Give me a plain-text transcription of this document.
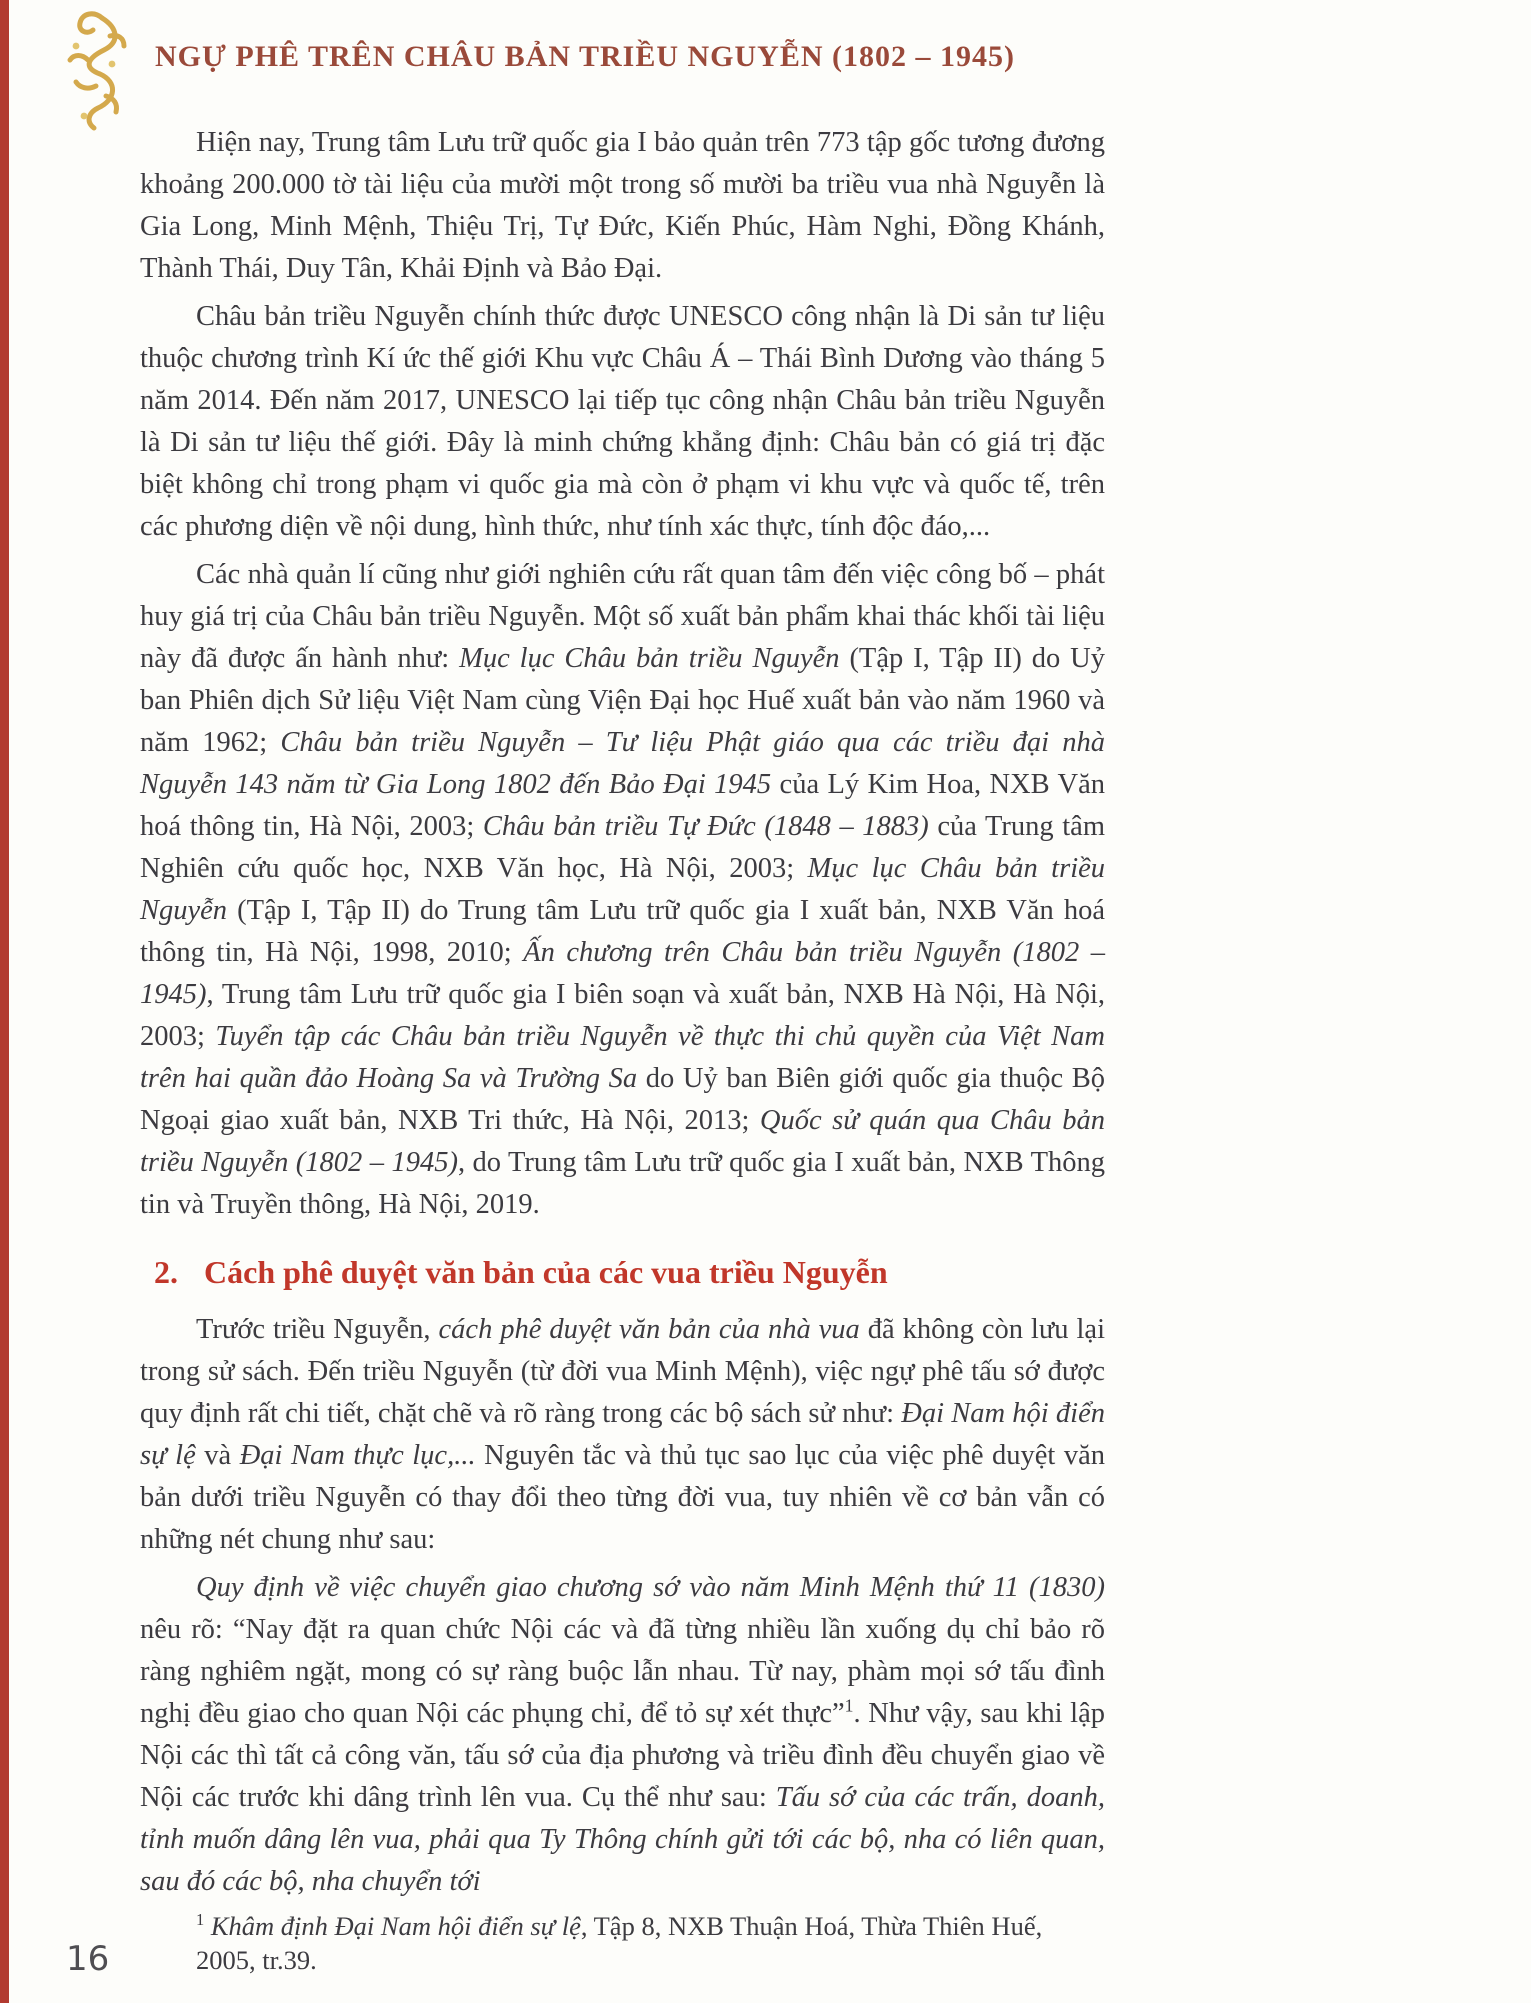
NGỰ PHÊ TRÊN CHÂU BẢN TRIỀU NGUYỄN (1802 – 1945)

Hiện nay, Trung tâm Lưu trữ quốc gia I bảo quản trên 773 tập gốc tương đương khoảng 200.000 tờ tài liệu của mười một trong số mười ba triều vua nhà Nguyễn là Gia Long, Minh Mệnh, Thiệu Trị, Tự Đức, Kiến Phúc, Hàm Nghi, Đồng Khánh, Thành Thái, Duy Tân, Khải Định và Bảo Đại.

Châu bản triều Nguyễn chính thức được UNESCO công nhận là Di sản tư liệu thuộc chương trình Kí ức thế giới Khu vực Châu Á – Thái Bình Dương vào tháng 5 năm 2014. Đến năm 2017, UNESCO lại tiếp tục công nhận Châu bản triều Nguyễn là Di sản tư liệu thế giới. Đây là minh chứng khẳng định: Châu bản có giá trị đặc biệt không chỉ trong phạm vi quốc gia mà còn ở phạm vi khu vực và quốc tế, trên các phương diện về nội dung, hình thức, như tính xác thực, tính độc đáo,...

Các nhà quản lí cũng như giới nghiên cứu rất quan tâm đến việc công bố – phát huy giá trị của Châu bản triều Nguyễn. Một số xuất bản phẩm khai thác khối tài liệu này đã được ấn hành như: Mục lục Châu bản triều Nguyễn (Tập I, Tập II) do Uỷ ban Phiên dịch Sử liệu Việt Nam cùng Viện Đại học Huế xuất bản vào năm 1960 và năm 1962; Châu bản triều Nguyễn – Tư liệu Phật giáo qua các triều đại nhà Nguyễn 143 năm từ Gia Long 1802 đến Bảo Đại 1945 của Lý Kim Hoa, NXB Văn hoá thông tin, Hà Nội, 2003; Châu bản triều Tự Đức (1848 – 1883) của Trung tâm Nghiên cứu quốc học, NXB Văn học, Hà Nội, 2003; Mục lục Châu bản triều Nguyễn (Tập I, Tập II) do Trung tâm Lưu trữ quốc gia I xuất bản, NXB Văn hoá thông tin, Hà Nội, 1998, 2010; Ấn chương trên Châu bản triều Nguyễn (1802 – 1945), Trung tâm Lưu trữ quốc gia I biên soạn và xuất bản, NXB Hà Nội, Hà Nội, 2003; Tuyển tập các Châu bản triều Nguyễn về thực thi chủ quyền của Việt Nam trên hai quần đảo Hoàng Sa và Trường Sa do Uỷ ban Biên giới quốc gia thuộc Bộ Ngoại giao xuất bản, NXB Tri thức, Hà Nội, 2013; Quốc sử quán qua Châu bản triều Nguyễn (1802 – 1945), do Trung tâm Lưu trữ quốc gia I xuất bản, NXB Thông tin và Truyền thông, Hà Nội, 2019.

2. Cách phê duyệt văn bản của các vua triều Nguyễn

Trước triều Nguyễn, cách phê duyệt văn bản của nhà vua đã không còn lưu lại trong sử sách. Đến triều Nguyễn (từ đời vua Minh Mệnh), việc ngự phê tấu sớ được quy định rất chi tiết, chặt chẽ và rõ ràng trong các bộ sách sử như: Đại Nam hội điển sự lệ và Đại Nam thực lục,... Nguyên tắc và thủ tục sao lục của việc phê duyệt văn bản dưới triều Nguyễn có thay đổi theo từng đời vua, tuy nhiên về cơ bản vẫn có những nét chung như sau:

Quy định về việc chuyển giao chương sớ vào năm Minh Mệnh thứ 11 (1830) nêu rõ: “Nay đặt ra quan chức Nội các và đã từng nhiều lần xuống dụ chỉ bảo rõ ràng nghiêm ngặt, mong có sự ràng buộc lẫn nhau. Từ nay, phàm mọi sớ tấu đình nghị đều giao cho quan Nội các phụng chỉ, để tỏ sự xét thực”$^1$. Như vậy, sau khi lập Nội các thì tất cả công văn, tấu sớ của địa phương và triều đình đều chuyển giao về Nội các trước khi dâng trình lên vua. Cụ thể như sau: Tấu sớ của các trấn, doanh, tỉnh muốn dâng lên vua, phải qua Ty Thông chính gửi tới các bộ, nha có liên quan, sau đó các bộ, nha chuyển tới

$^1$ Khâm định Đại Nam hội điển sự lệ, Tập 8, NXB Thuận Hoá, Thừa Thiên Huế, 2005, tr.39.
16
